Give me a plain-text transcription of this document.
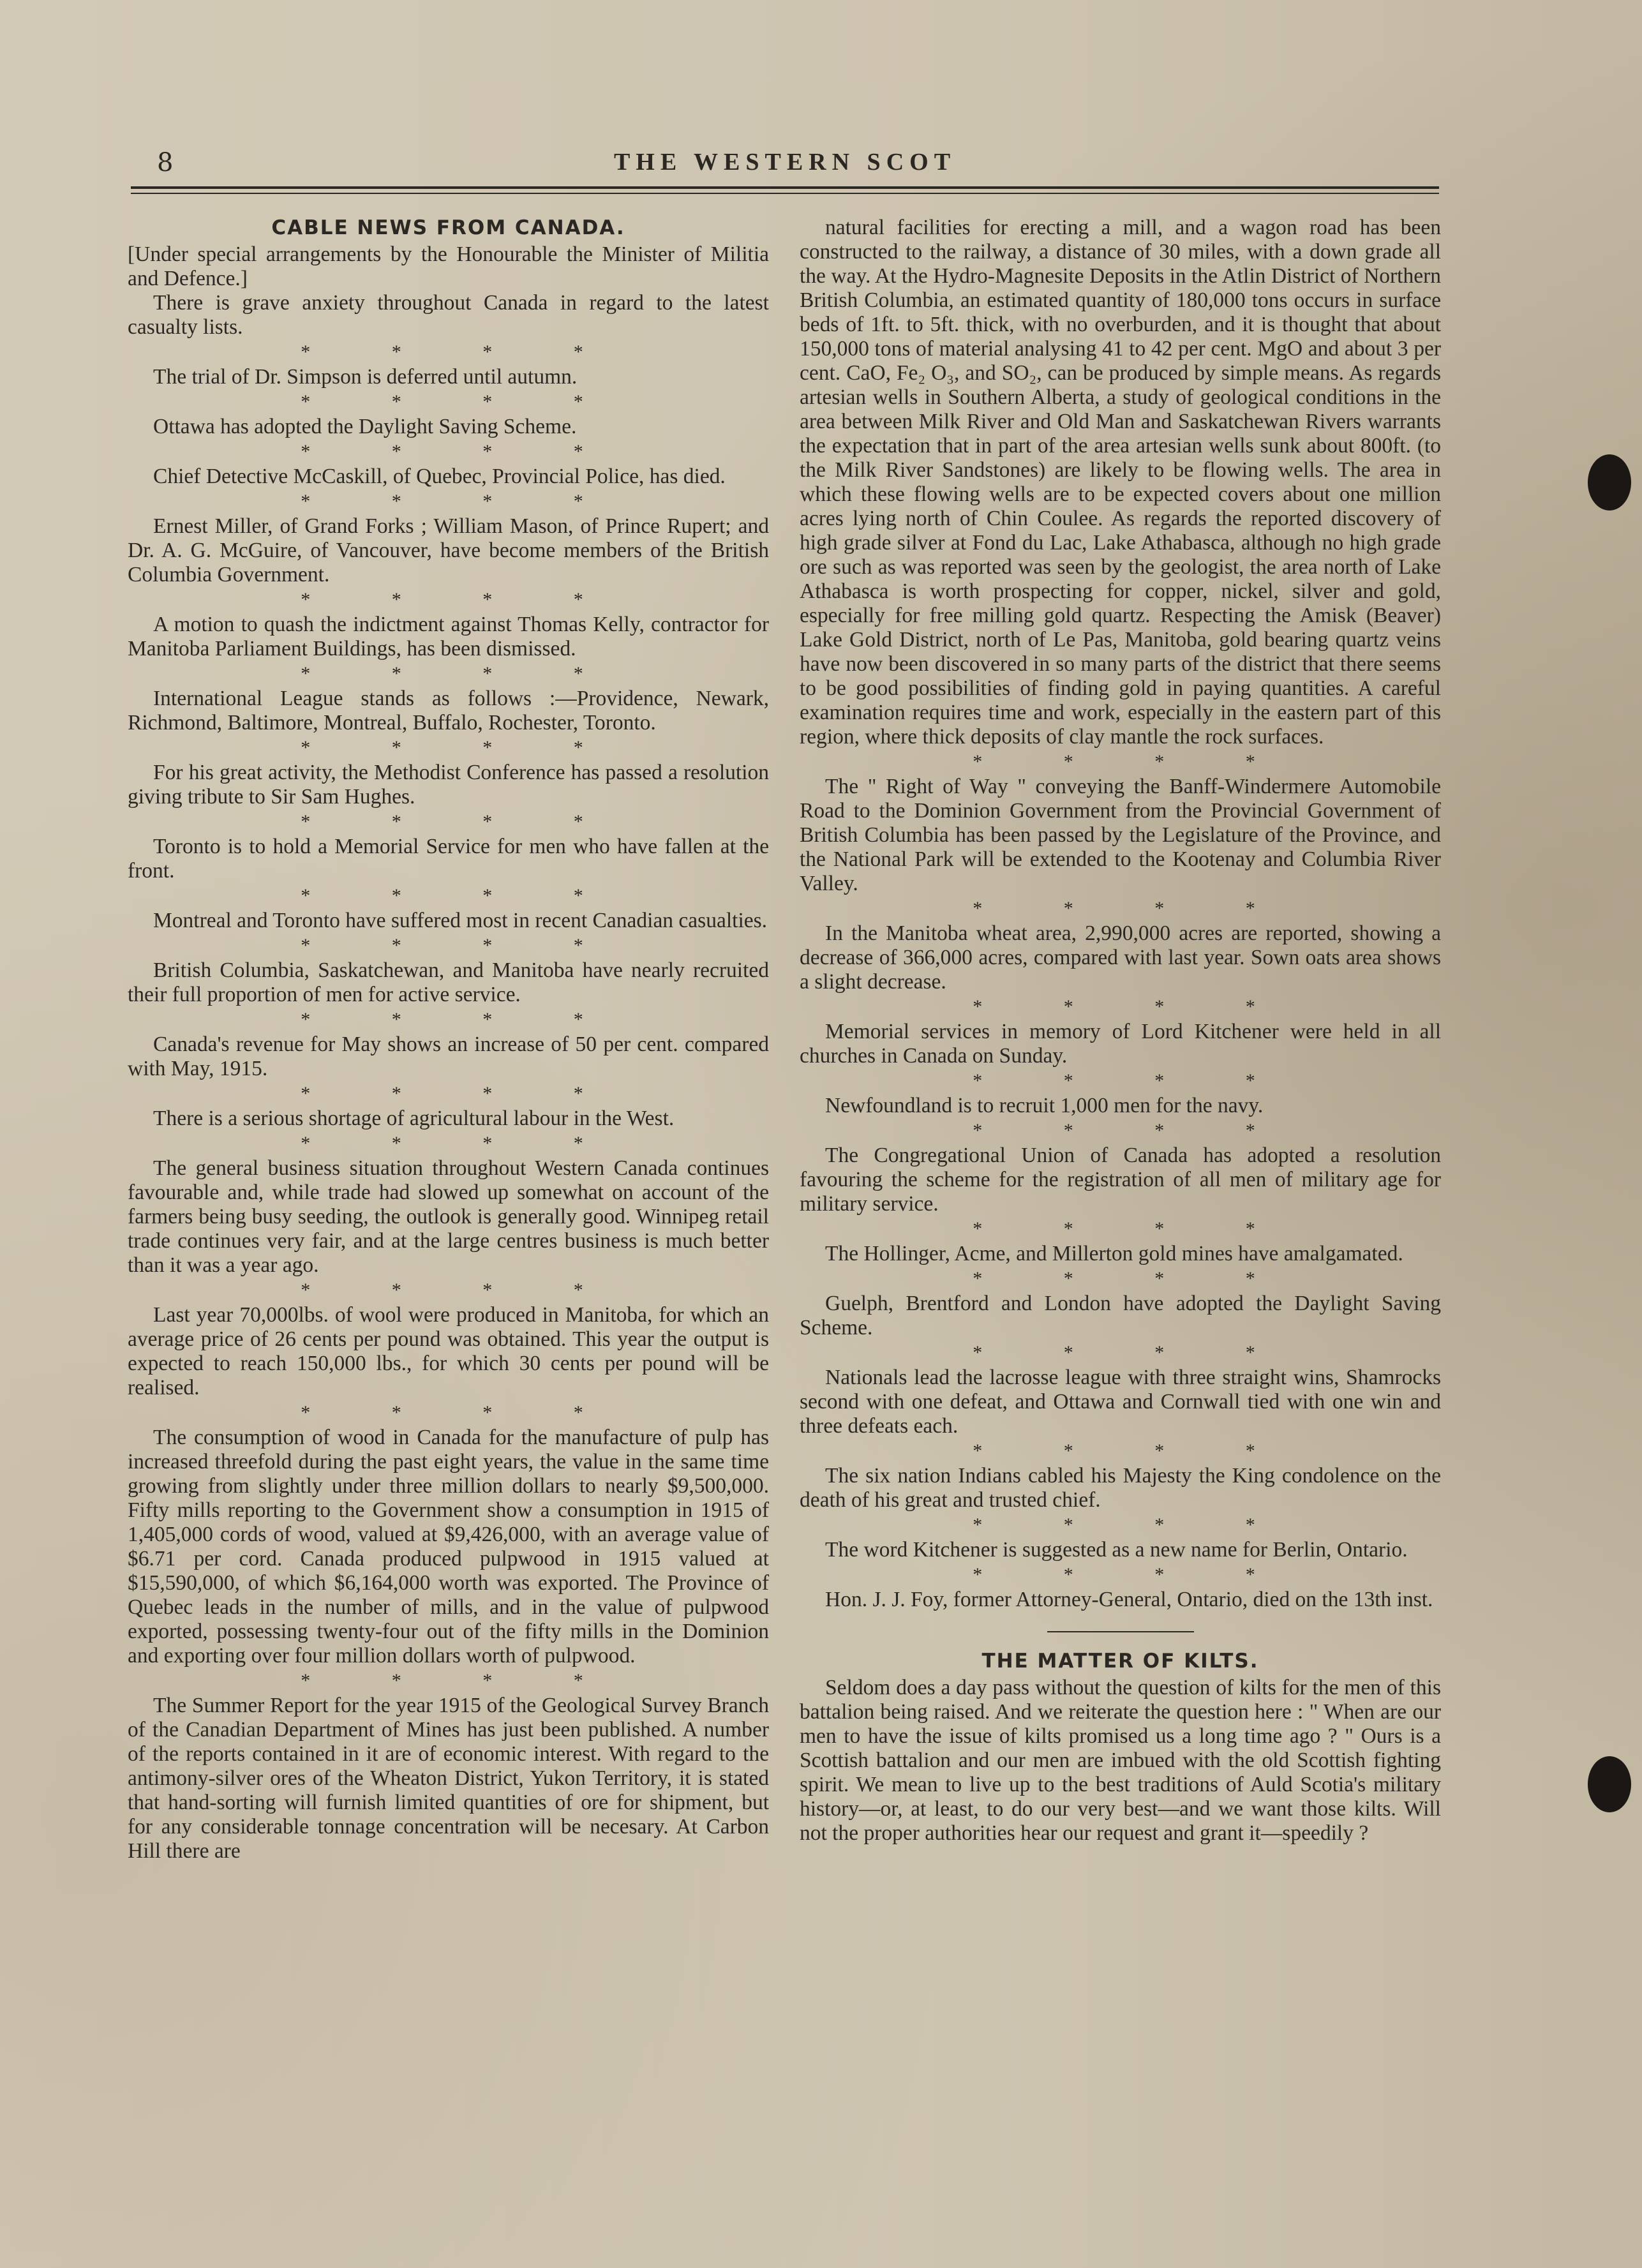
8	THE WESTERN SCOT
CABLE NEWS FROM CANADA.

[Under special arrangements by the Honourable the Minister of Militia and Defence.]

There is grave anxiety throughout Canada in regard to the latest casualty lists.

* * * *

The trial of Dr. Simpson is deferred until autumn.

* * * *

Ottawa has adopted the Daylight Saving Scheme.

* * * *

Chief Detective McCaskill, of Quebec, Provincial Police, has died.

* * * *

Ernest Miller, of Grand Forks ; William Mason, of Prince Rupert; and Dr. A. G. McGuire, of Vancouver, have become members of the British Columbia Government.

* * * *

A motion to quash the indictment against Thomas Kelly, contractor for Manitoba Parliament Buildings, has been dismissed.

* * * *

International League stands as follows :—Providence, Newark, Richmond, Baltimore, Montreal, Buffalo, Rochester, Toronto.

* * * *

For his great activity, the Methodist Conference has passed a resolution giving tribute to Sir Sam Hughes.

* * * *

Toronto is to hold a Memorial Service for men who have fallen at the front.

* * * *

Montreal and Toronto have suffered most in recent Canadian casualties.

* * * *

British Columbia, Saskatchewan, and Manitoba have nearly recruited their full proportion of men for active service.

* * * *

Canada's revenue for May shows an increase of 50 per cent. compared with May, 1915.

* * * *

There is a serious shortage of agricultural labour in the West.

* * * *

The general business situation throughout Western Canada continues favourable and, while trade had slowed up somewhat on account of the farmers being busy seeding, the outlook is generally good. Winnipeg retail trade continues very fair, and at the large centres business is much better than it was a year ago.

* * * *

Last year 70,000lbs. of wool were produced in Manitoba, for which an average price of 26 cents per pound was obtained. This year the output is expected to reach 150,000 lbs., for which 30 cents per pound will be realised.

* * * *

The consumption of wood in Canada for the manufacture of pulp has increased threefold during the past eight years, the value in the same time growing from slightly under three million dollars to nearly $9,500,000. Fifty mills reporting to the Government show a consumption in 1915 of 1,405,000 cords of wood, valued at $9,426,000, with an average value of $6.71 per cord. Canada produced pulpwood in 1915 valued at $15,590,000, of which $6,164,000 worth was exported. The Province of Quebec leads in the number of mills, and in the value of pulpwood exported, possessing twenty-four out of the fifty mills in the Dominion and exporting over four million dollars worth of pulpwood.

* * * *

The Summer Report for the year 1915 of the Geological Survey Branch of the Canadian Department of Mines has just been published. A number of the reports contained in it are of economic interest. With regard to the antimony-silver ores of the Wheaton District, Yukon Territory, it is stated that hand-sorting will furnish limited quantities of ore for shipment, but for any considerable tonnage concentration will be necesary. At Carbon Hill there are

natural facilities for erecting a mill, and a wagon road has been constructed to the railway, a distance of 30 miles, with a down grade all the way. At the Hydro-Magnesite Deposits in the Atlin District of Northern British Columbia, an estimated quantity of 180,000 tons occurs in surface beds of 1ft. to 5ft. thick, with no overburden, and it is thought that about 150,000 tons of material analysing 41 to 42 per cent. MgO and about 3 per cent. CaO, Fe₂ O₃, and SO₂, can be produced by simple means. As regards artesian wells in Southern Alberta, a study of geological conditions in the area between Milk River and Old Man and Saskatchewan Rivers warrants the expectation that in part of the area artesian wells sunk about 800ft. (to the Milk River Sandstones) are likely to be flowing wells. The area in which these flowing wells are to be expected covers about one million acres lying north of Chin Coulee. As regards the reported discovery of high grade silver at Fond du Lac, Lake Athabasca, although no high grade ore such as was reported was seen by the geologist, the area north of Lake Athabasca is worth prospecting for copper, nickel, silver and gold, especially for free milling gold quartz. Respecting the Amisk (Beaver) Lake Gold District, north of Le Pas, Manitoba, gold bearing quartz veins have now been discovered in so many parts of the district that there seems to be good possibilities of finding gold in paying quantities. A careful examination requires time and work, especially in the eastern part of this region, where thick deposits of clay mantle the rock surfaces.

* * * *

The " Right of Way " conveying the Banff-Windermere Automobile Road to the Dominion Government from the Provincial Government of British Columbia has been passed by the Legislature of the Province, and the National Park will be extended to the Kootenay and Columbia River Valley.

* * * *

In the Manitoba wheat area, 2,990,000 acres are reported, showing a decrease of 366,000 acres, compared with last year. Sown oats area shows a slight decrease.

* * * *

Memorial services in memory of Lord Kitchener were held in all churches in Canada on Sunday.

* * * *

Newfoundland is to recruit 1,000 men for the navy.

* * * *

The Congregational Union of Canada has adopted a resolution favouring the scheme for the registration of all men of military age for military service.

* * * *

The Hollinger, Acme, and Millerton gold mines have amalgamated.

* * * *

Guelph, Brentford and London have adopted the Daylight Saving Scheme.

* * * *

Nationals lead the lacrosse league with three straight wins, Shamrocks second with one defeat, and Ottawa and Cornwall tied with one win and three defeats each.

* * * *

The six nation Indians cabled his Majesty the King condolence on the death of his great and trusted chief.

* * * *

The word Kitchener is suggested as a new name for Berlin, Ontario.

* * * *

Hon. J. J. Foy, former Attorney-General, Ontario, died on the 13th inst.

THE MATTER OF KILTS.

Seldom does a day pass without the question of kilts for the men of this battalion being raised. And we reiterate the question here : " When are our men to have the issue of kilts promised us a long time ago ? " Ours is a Scottish battalion and our men are imbued with the old Scottish fighting spirit. We mean to live up to the best traditions of Auld Scotia's military history—or, at least, to do our very best—and we want those kilts. Will not the proper authorities hear our request and grant it—speedily ?
